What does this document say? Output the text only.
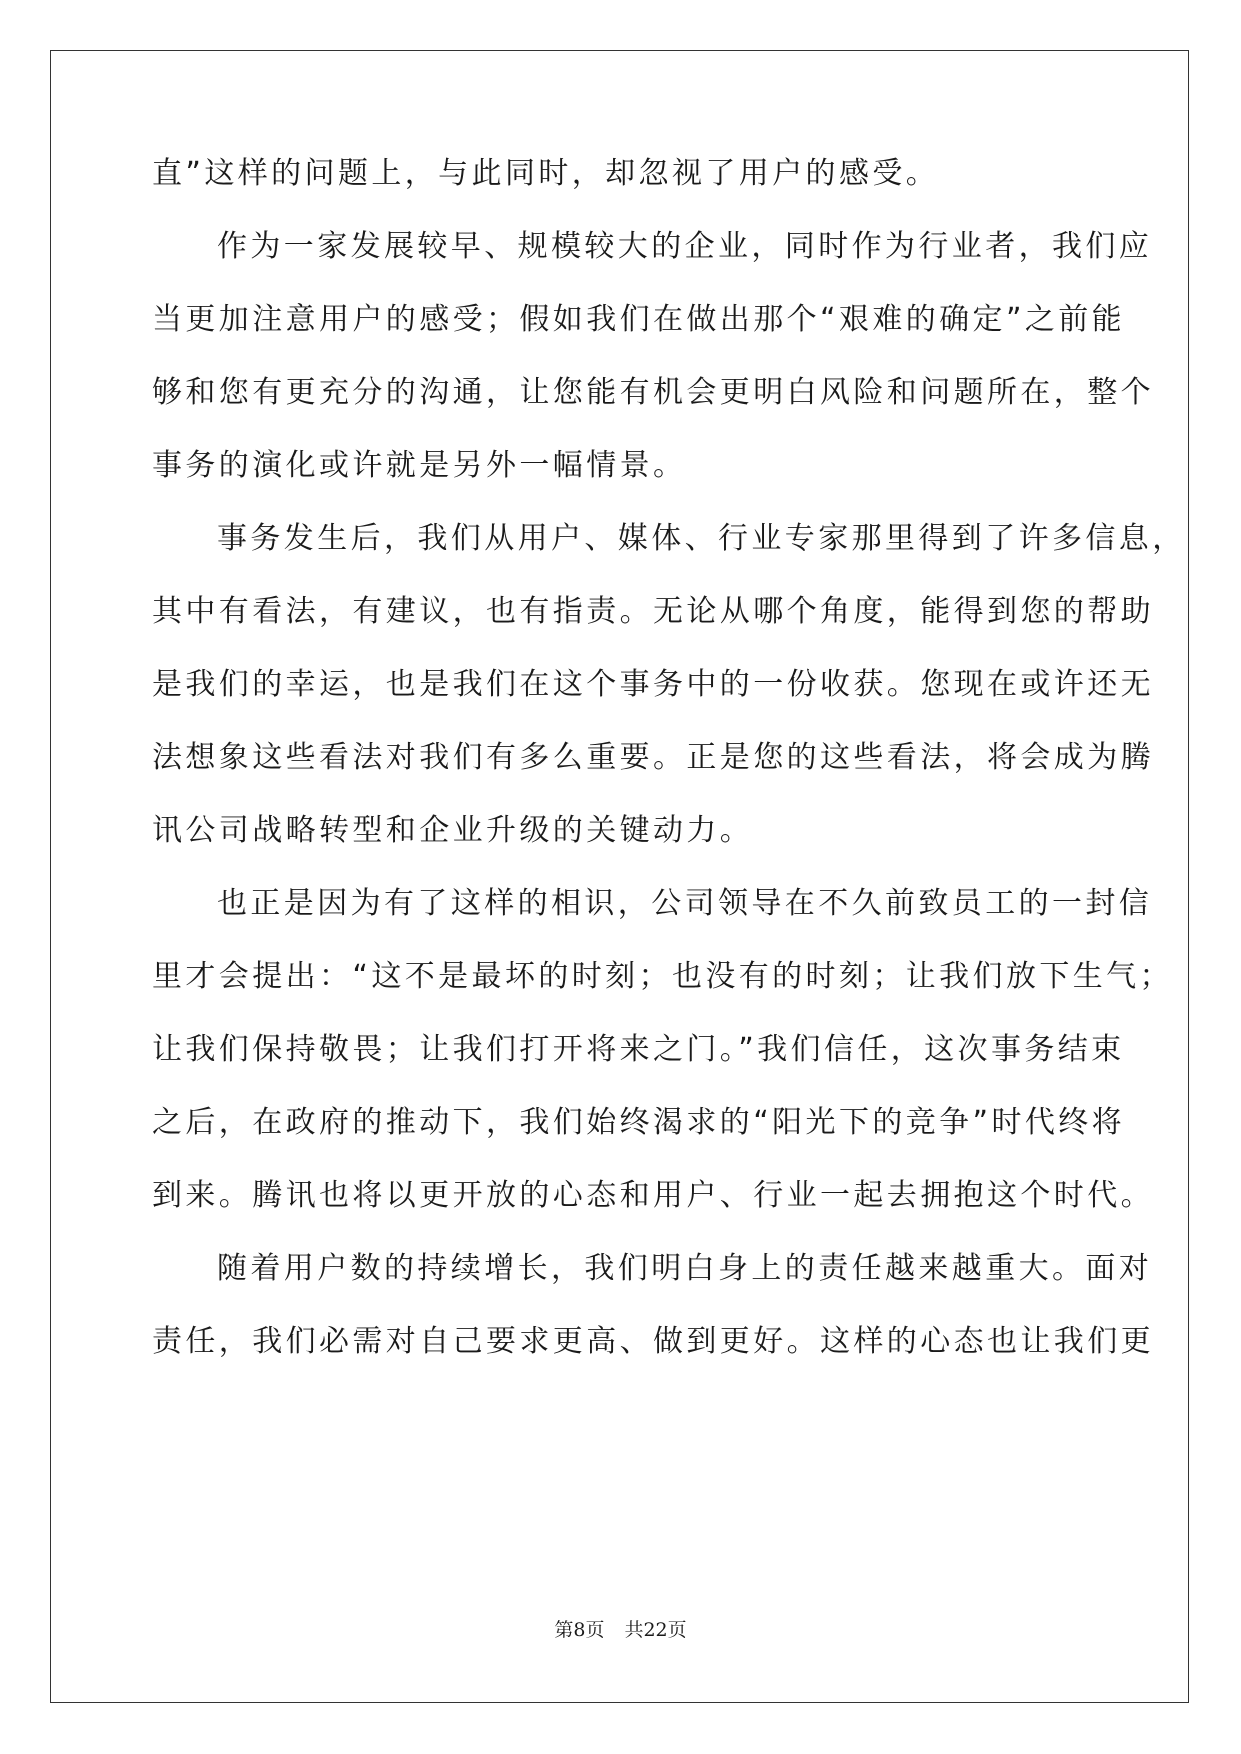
直”这样的问题上，与此同时，却忽视了用户的感受。
作为一家发展较早、规模较大的企业，同时作为行业者，我们应
当更加注意用户的感受；假如我们在做出那个“艰难的确定”之前能
够和您有更充分的沟通，让您能有机会更明白风险和问题所在，整个
事务的演化或许就是另外一幅情景。
事务发生后，我们从用户、媒体、行业专家那里得到了许多信息，
其中有看法，有建议，也有指责。无论从哪个角度，能得到您的帮助
是我们的幸运，也是我们在这个事务中的一份收获。您现在或许还无
法想象这些看法对我们有多么重要。正是您的这些看法，将会成为腾
讯公司战略转型和企业升级的关键动力。
也正是因为有了这样的相识，公司领导在不久前致员工的一封信
里才会提出：“这不是最坏的时刻；也没有的时刻；让我们放下生气；
让我们保持敬畏；让我们打开将来之门。”我们信任，这次事务结束
之后，在政府的推动下，我们始终渴求的“阳光下的竞争”时代终将
到来。腾讯也将以更开放的心态和用户、行业一起去拥抱这个时代。
随着用户数的持续增长，我们明白身上的责任越来越重大。面对
责任，我们必需对自己要求更高、做到更好。这样的心态也让我们更
第8页 共22页
